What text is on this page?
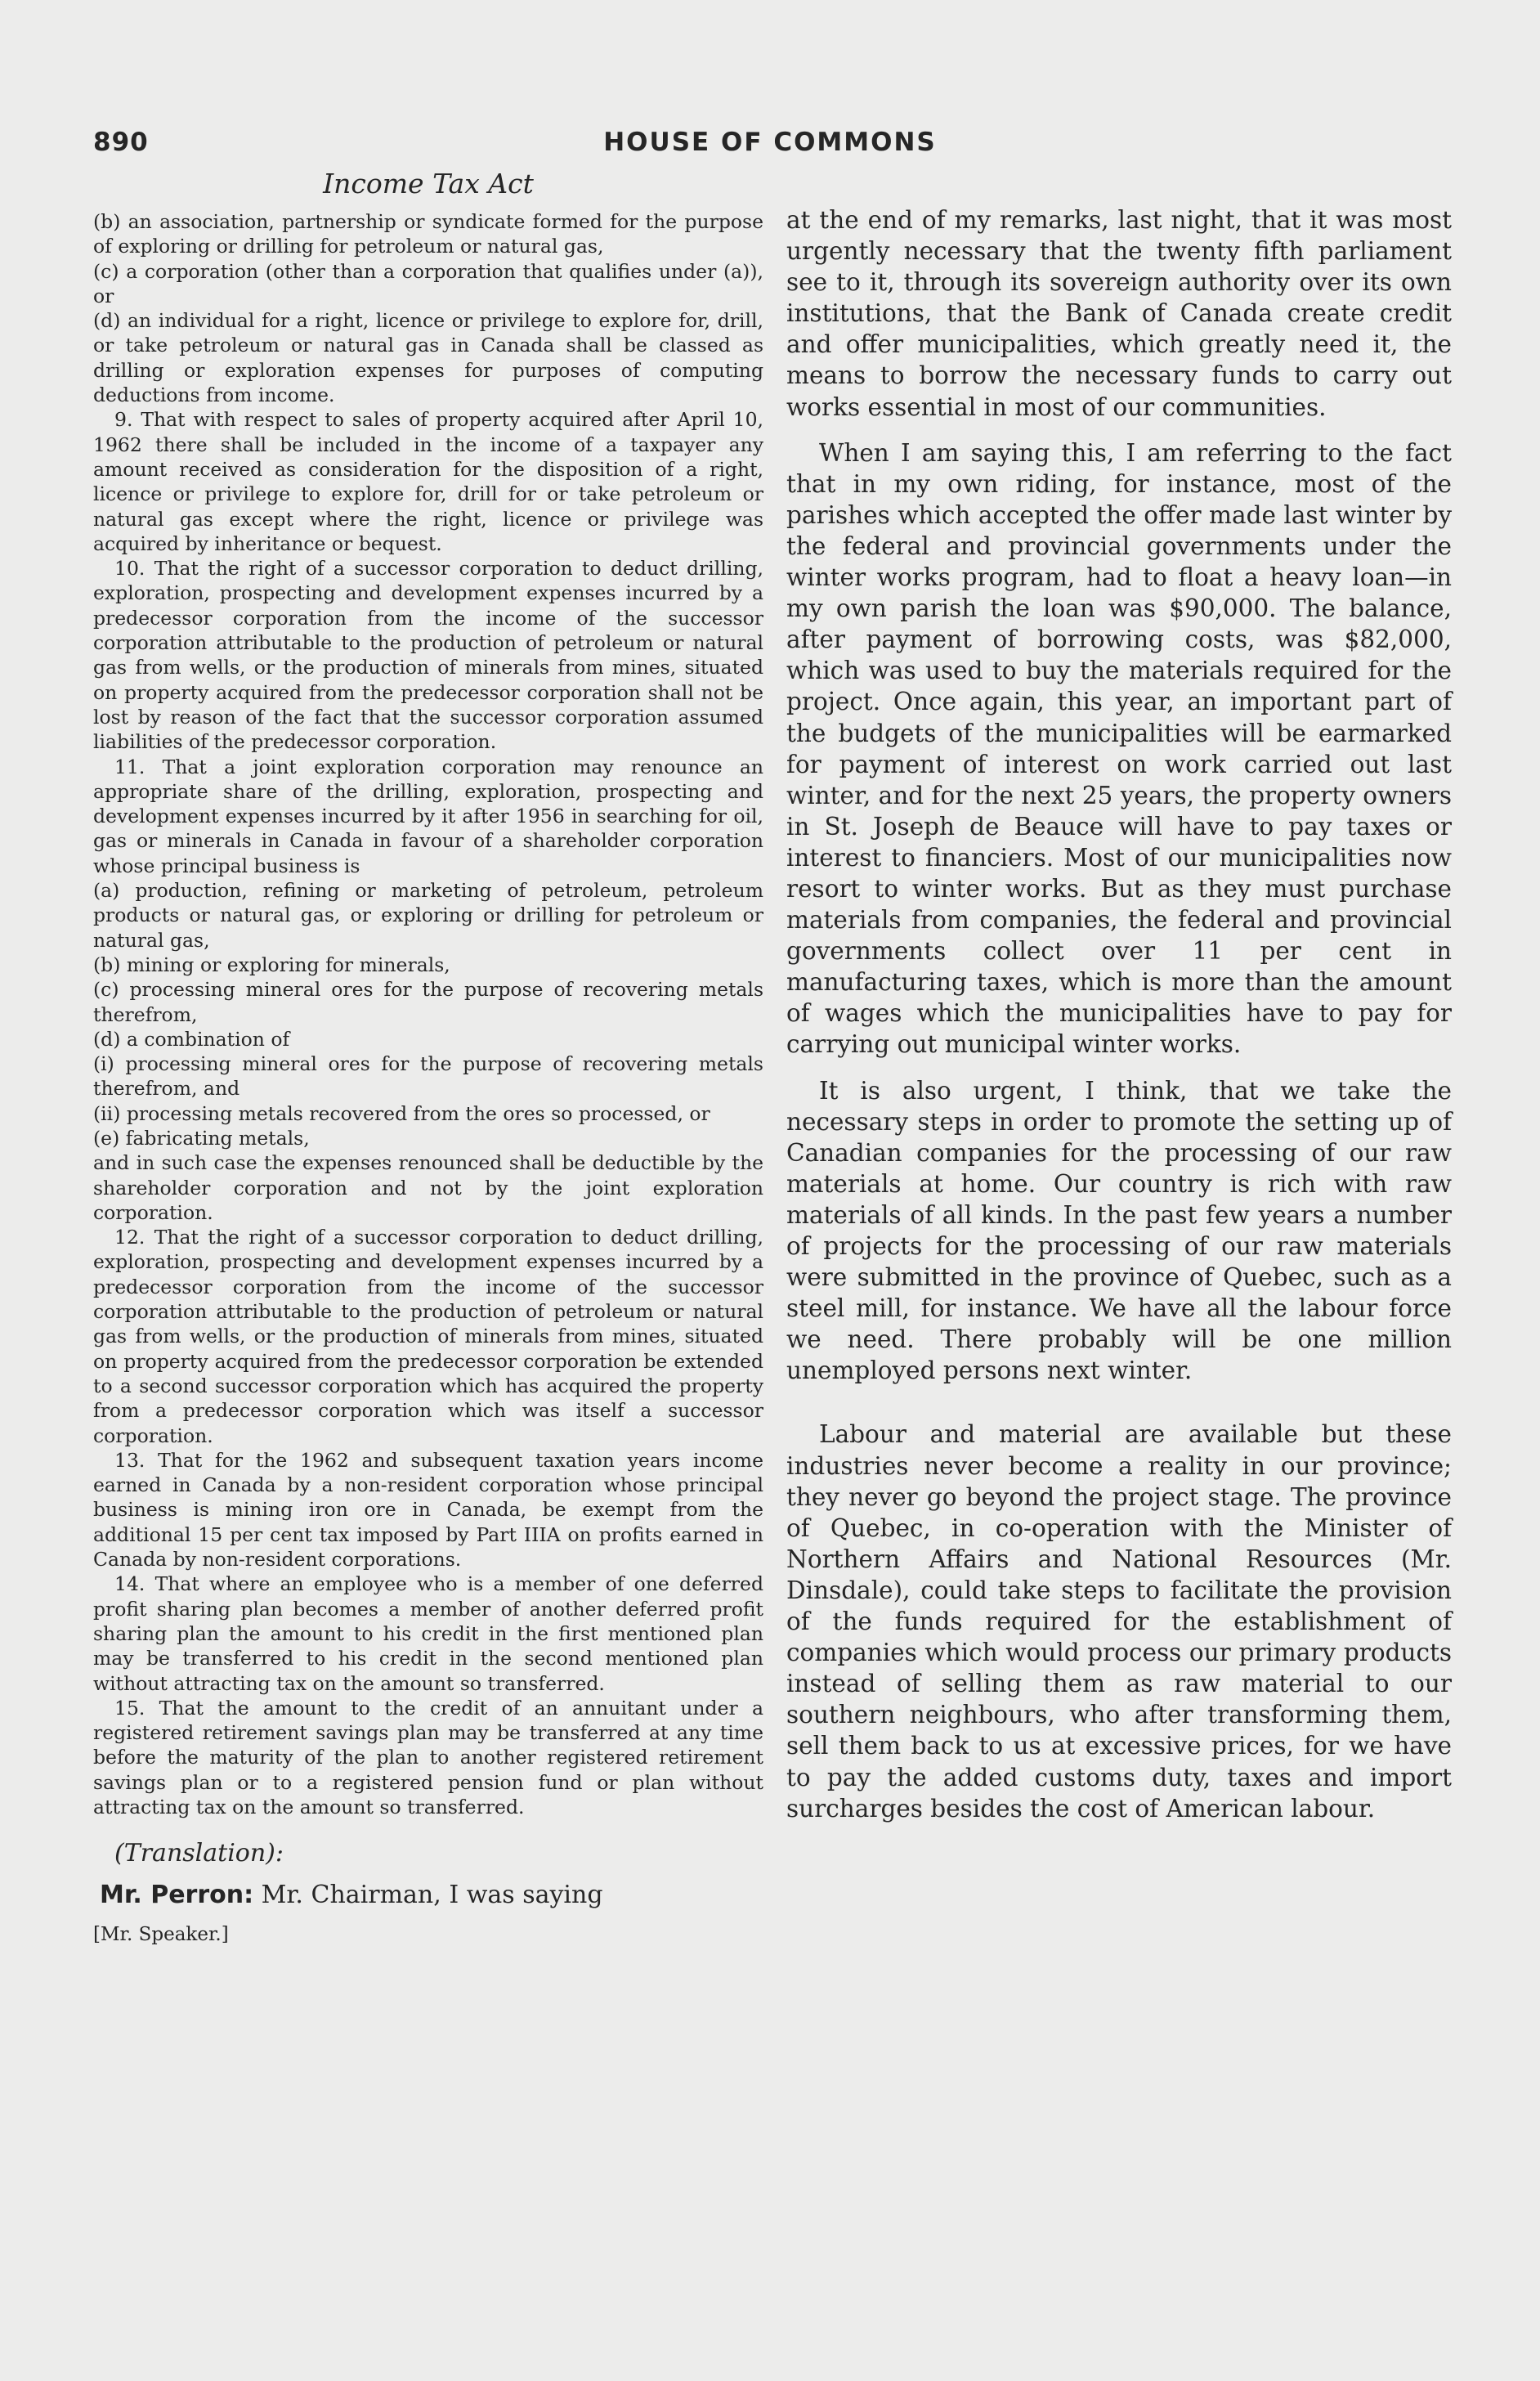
890	HOUSE OF COMMONS
Income Tax Act

(b) an association, partnership or syndicate formed for the purpose of exploring or drilling for petroleum or natural gas,

(c) a corporation (other than a corporation that qualifies under (a)), or

(d) an individual for a right, licence or privilege to explore for, drill, or take petroleum or natural gas in Canada shall be classed as drilling or exploration expenses for purposes of computing deductions from income.

9. That with respect to sales of property acquired after April 10, 1962 there shall be included in the income of a taxpayer any amount received as consideration for the disposition of a right, licence or privilege to explore for, drill for or take petroleum or natural gas except where the right, licence or privilege was acquired by inheritance or bequest.

10. That the right of a successor corporation to deduct drilling, exploration, prospecting and development expenses incurred by a predecessor corporation from the income of the successor corporation attributable to the production of petroleum or natural gas from wells, or the production of minerals from mines, situated on property acquired from the predecessor corporation shall not be lost by reason of the fact that the successor corporation assumed liabilities of the predecessor corporation.

11. That a joint exploration corporation may renounce an appropriate share of the drilling, exploration, prospecting and development expenses incurred by it after 1956 in searching for oil, gas or minerals in Canada in favour of a shareholder corporation whose principal business is

(a) production, refining or marketing of petroleum, petroleum products or natural gas, or exploring or drilling for petroleum or natural gas,

(b) mining or exploring for minerals,

(c) processing mineral ores for the purpose of recovering metals therefrom,

(d) a combination of

(i) processing mineral ores for the purpose of recovering metals therefrom, and

(ii) processing metals recovered from the ores so processed, or

(e) fabricating metals,

and in such case the expenses renounced shall be deductible by the shareholder corporation and not by the joint exploration corporation.

12. That the right of a successor corporation to deduct drilling, exploration, prospecting and development expenses incurred by a predecessor corporation from the income of the successor corporation attributable to the production of petroleum or natural gas from wells, or the production of minerals from mines, situated on property acquired from the predecessor corporation be extended to a second successor corporation which has acquired the property from a predecessor corporation which was itself a successor corporation.

13. That for the 1962 and subsequent taxation years income earned in Canada by a non-resident corporation whose principal business is mining iron ore in Canada, be exempt from the additional 15 per cent tax imposed by Part IIIA on profits earned in Canada by non-resident corporations.

14. That where an employee who is a member of one deferred profit sharing plan becomes a member of another deferred profit sharing plan the amount to his credit in the first mentioned plan may be transferred to his credit in the second mentioned plan without attracting tax on the amount so transferred.

15. That the amount to the credit of an annuitant under a registered retirement savings plan may be transferred at any time before the maturity of the plan to another registered retirement savings plan or to a registered pension fund or plan without attracting tax on the amount so transferred.

(Translation):

Mr. Perron: Mr. Chairman, I was saying

[Mr. Speaker.]

at the end of my remarks, last night, that it was most urgently necessary that the twenty fifth parliament see to it, through its sovereign authority over its own institutions, that the Bank of Canada create credit and offer municipalities, which greatly need it, the means to borrow the necessary funds to carry out works essential in most of our communities.

When I am saying this, I am referring to the fact that in my own riding, for instance, most of the parishes which accepted the offer made last winter by the federal and provincial governments under the winter works program, had to float a heavy loan—in my own parish the loan was $90,000. The balance, after payment of borrowing costs, was $82,000, which was used to buy the materials required for the project. Once again, this year, an important part of the budgets of the municipalities will be earmarked for payment of interest on work carried out last winter, and for the next 25 years, the property owners in St. Joseph de Beauce will have to pay taxes or interest to financiers. Most of our municipalities now resort to winter works. But as they must purchase materials from companies, the federal and provincial governments collect over 11 per cent in manufacturing taxes, which is more than the amount of wages which the municipalities have to pay for carrying out municipal winter works.

It is also urgent, I think, that we take the necessary steps in order to promote the setting up of Canadian companies for the processing of our raw materials at home. Our country is rich with raw materials of all kinds. In the past few years a number of projects for the processing of our raw materials were submitted in the province of Quebec, such as a steel mill, for instance. We have all the labour force we need. There probably will be one million unemployed persons next winter.

Labour and material are available but these industries never become a reality in our province; they never go beyond the project stage. The province of Quebec, in co-operation with the Minister of Northern Affairs and National Resources (Mr. Dinsdale), could take steps to facilitate the provision of the funds required for the establishment of companies which would process our primary products instead of selling them as raw material to our southern neighbours, who after transforming them, sell them back to us at excessive prices, for we have to pay the added customs duty, taxes and import surcharges besides the cost of American labour.
